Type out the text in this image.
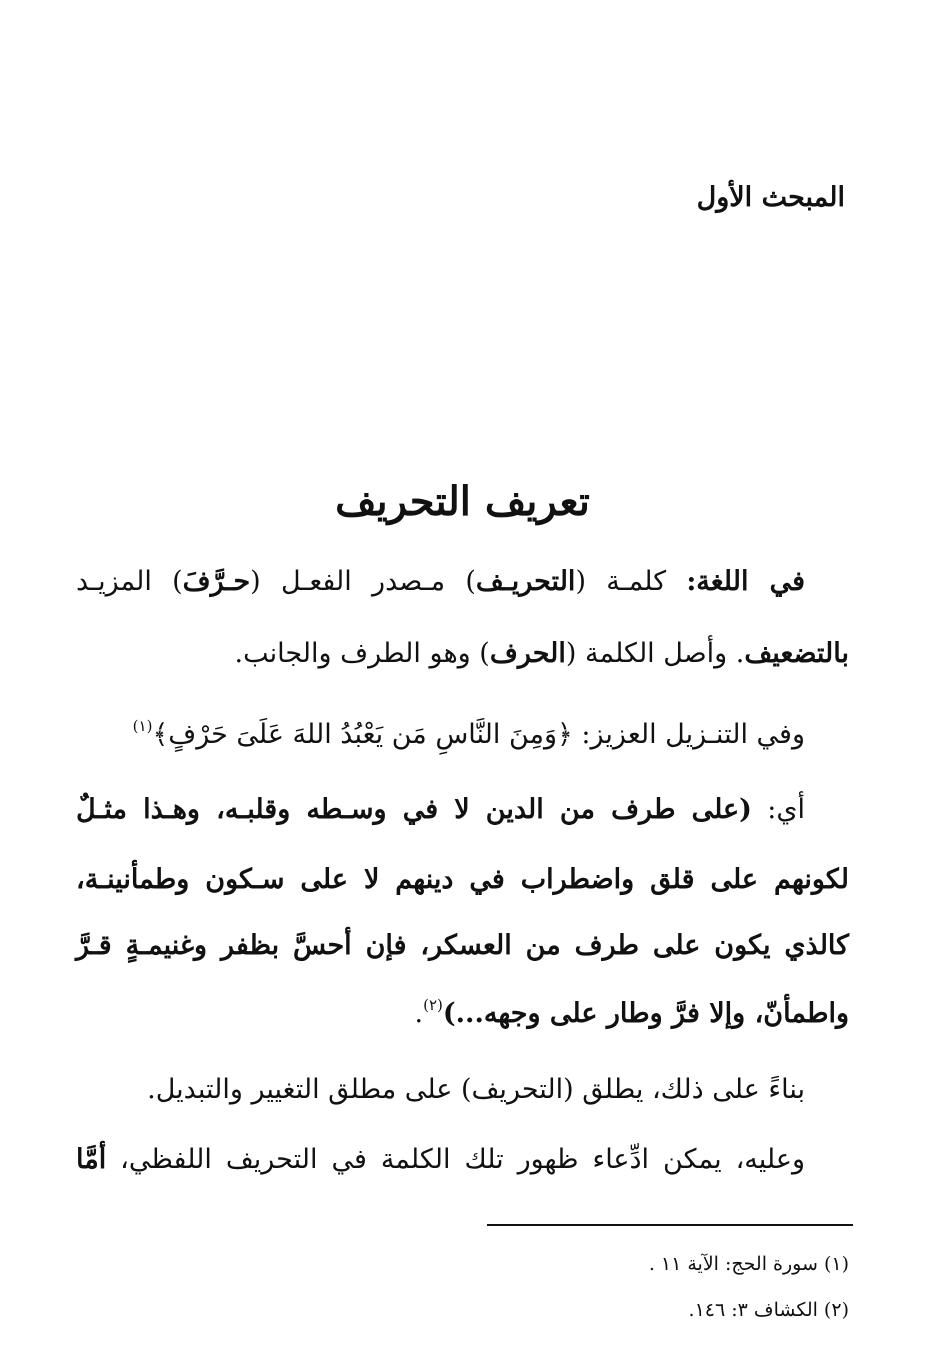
المبحث الأول
تعريف التحريف
في اللغة: كلمـة (التحريـف) مـصدر الفعـل (حـرَّفَ) المزيـد
بالتضعيف. وأصل الكلمة (الحرف) وهو الطرف والجانب.
وفي التنـزيل العزيز: ﴿وَمِنَ النَّاسِ مَن يَعْبُدُ اللهَ عَلَىَ حَرْفٍ﴾$^{(١)}$
أي: (على طرف من الدين لا في وسـطه وقلبـه، وهـذا مثـلٌ
لكونهم على قلق واضطراب في دينهم لا على سـكون وطمأنينـة،
كالذي يكون على طرف من العسكر، فإن أحسَّ بظفر وغنيمـةٍ قـرَّ
واطمأنّ، وإلا فرَّ وطار على وجهه...)$^{(٢)}$.
بناءً على ذلك، يطلق (التحريف) على مطلق التغيير والتبديل.
وعليه، يمكن ادِّعاء ظهور تلك الكلمة في التحريف اللفظي، أمَّا
(١) سورة الحج: الآية ١١ .
(٢) الكشاف ٣: ١٤٦.
